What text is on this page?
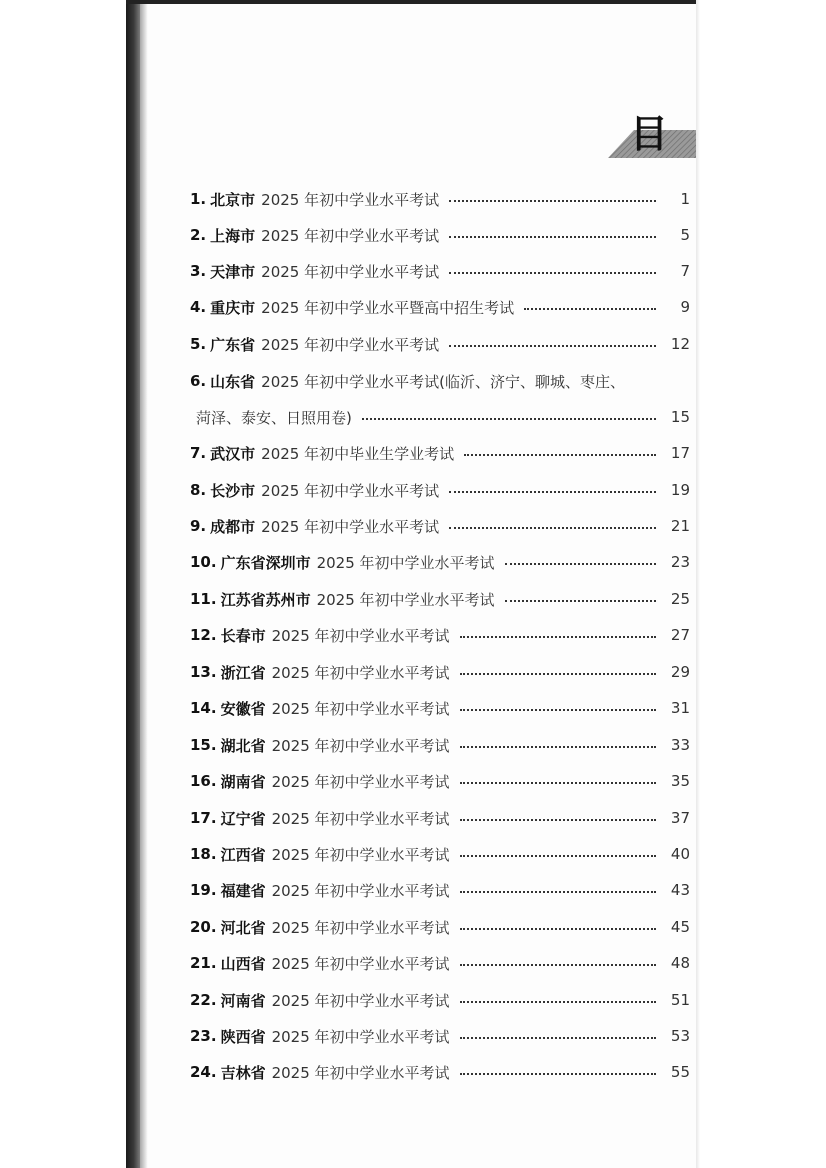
目
1. 北京市 2025 年初中学业水平考试	1
2. 上海市 2025 年初中学业水平考试	5
3. 天津市 2025 年初中学业水平考试	7
4. 重庆市 2025 年初中学业水平暨高中招生考试	9
5. 广东省 2025 年初中学业水平考试	12
6. 山东省 2025 年初中学业水平考试(临沂、济宁、聊城、枣庄、
菏泽、泰安、日照用卷)	15
7. 武汉市 2025 年初中毕业生学业考试	17
8. 长沙市 2025 年初中学业水平考试	19
9. 成都市 2025 年初中学业水平考试	21
10. 广东省深圳市 2025 年初中学业水平考试	23
11. 江苏省苏州市 2025 年初中学业水平考试	25
12. 长春市 2025 年初中学业水平考试	27
13. 浙江省 2025 年初中学业水平考试	29
14. 安徽省 2025 年初中学业水平考试	31
15. 湖北省 2025 年初中学业水平考试	33
16. 湖南省 2025 年初中学业水平考试	35
17. 辽宁省 2025 年初中学业水平考试	37
18. 江西省 2025 年初中学业水平考试	40
19. 福建省 2025 年初中学业水平考试	43
20. 河北省 2025 年初中学业水平考试	45
21. 山西省 2025 年初中学业水平考试	48
22. 河南省 2025 年初中学业水平考试	51
23. 陕西省 2025 年初中学业水平考试	53
24. 吉林省 2025 年初中学业水平考试	55
